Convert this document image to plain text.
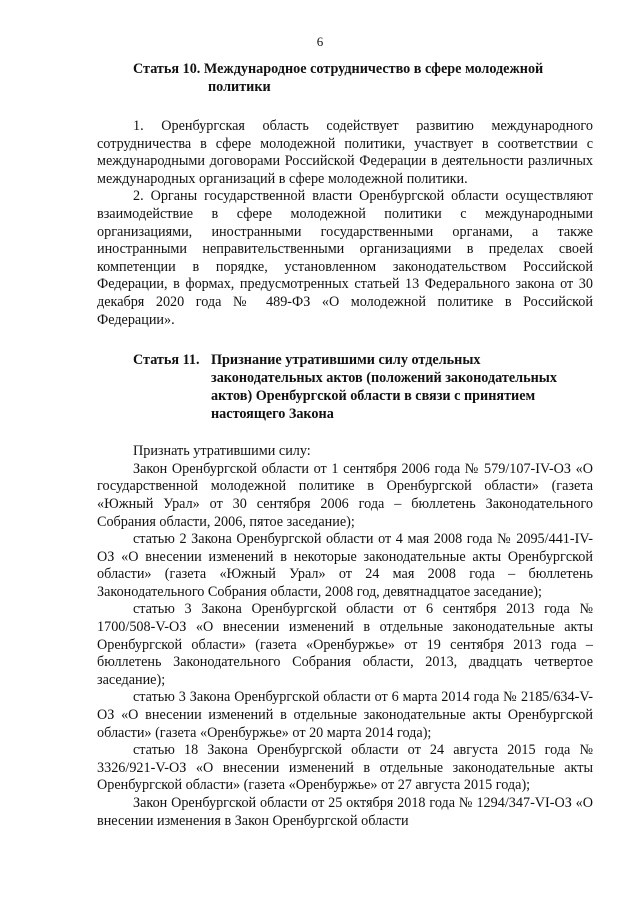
6
Статья 10. Международное сотрудничество в сфере молодежной
политики

1. Оренбургская область содействует развитию международного сотрудничества в сфере молодежной политики, участвует в соответствии с международными договорами Российской Федерации в деятельности различных международных организаций в сфере молодежной политики.

2. Органы государственной власти Оренбургской области осуществляют взаимодействие в сфере молодежной политики с международными организациями, иностранными государственными органами, а также иностранными неправительственными организациями в пределах своей компетенции в порядке, установленном законодательством Российской Федерации, в формах, предусмотренных статьей 13 Федерального закона от 30 декабря 2020 года № 489-ФЗ «О молодежной политике в Российской Федерации».

Статья 11. Признание утратившими силу отдельных законодательных актов (положений законодательных актов) Оренбургской области в связи с принятием настоящего Закона

Признать утратившими силу:

Закон Оренбургской области от 1 сентября 2006 года № 579/107-IV-ОЗ «О государственной молодежной политике в Оренбургской области» (газета «Южный Урал» от 30 сентября 2006 года – бюллетень Законодательного Собрания области, 2006, пятое заседание);

статью 2 Закона Оренбургской области от 4 мая 2008 года № 2095/441-IV-ОЗ «О внесении изменений в некоторые законодательные акты Оренбургской области» (газета «Южный Урал» от 24 мая 2008 года – бюллетень Законодательного Собрания области, 2008 год, девятнадцатое заседание);

статью 3 Закона Оренбургской области от 6 сентября 2013 года № 1700/508-V-ОЗ «О внесении изменений в отдельные законодательные акты Оренбургской области» (газета «Оренбуржье» от 19 сентября 2013 года – бюллетень Законодательного Собрания области, 2013, двадцать четвертое заседание);

статью 3 Закона Оренбургской области от 6 марта 2014 года № 2185/634-V-ОЗ «О внесении изменений в отдельные законодательные акты Оренбургской области» (газета «Оренбуржье» от 20 марта 2014 года);

статью 18 Закона Оренбургской области от 24 августа 2015 года № 3326/921-V-ОЗ «О внесении изменений в отдельные законодательные акты Оренбургской области» (газета «Оренбуржье» от 27 августа 2015 года);

Закон Оренбургской области от 25 октября 2018 года № 1294/347-VI-ОЗ «О внесении изменения в Закон Оренбургской области
